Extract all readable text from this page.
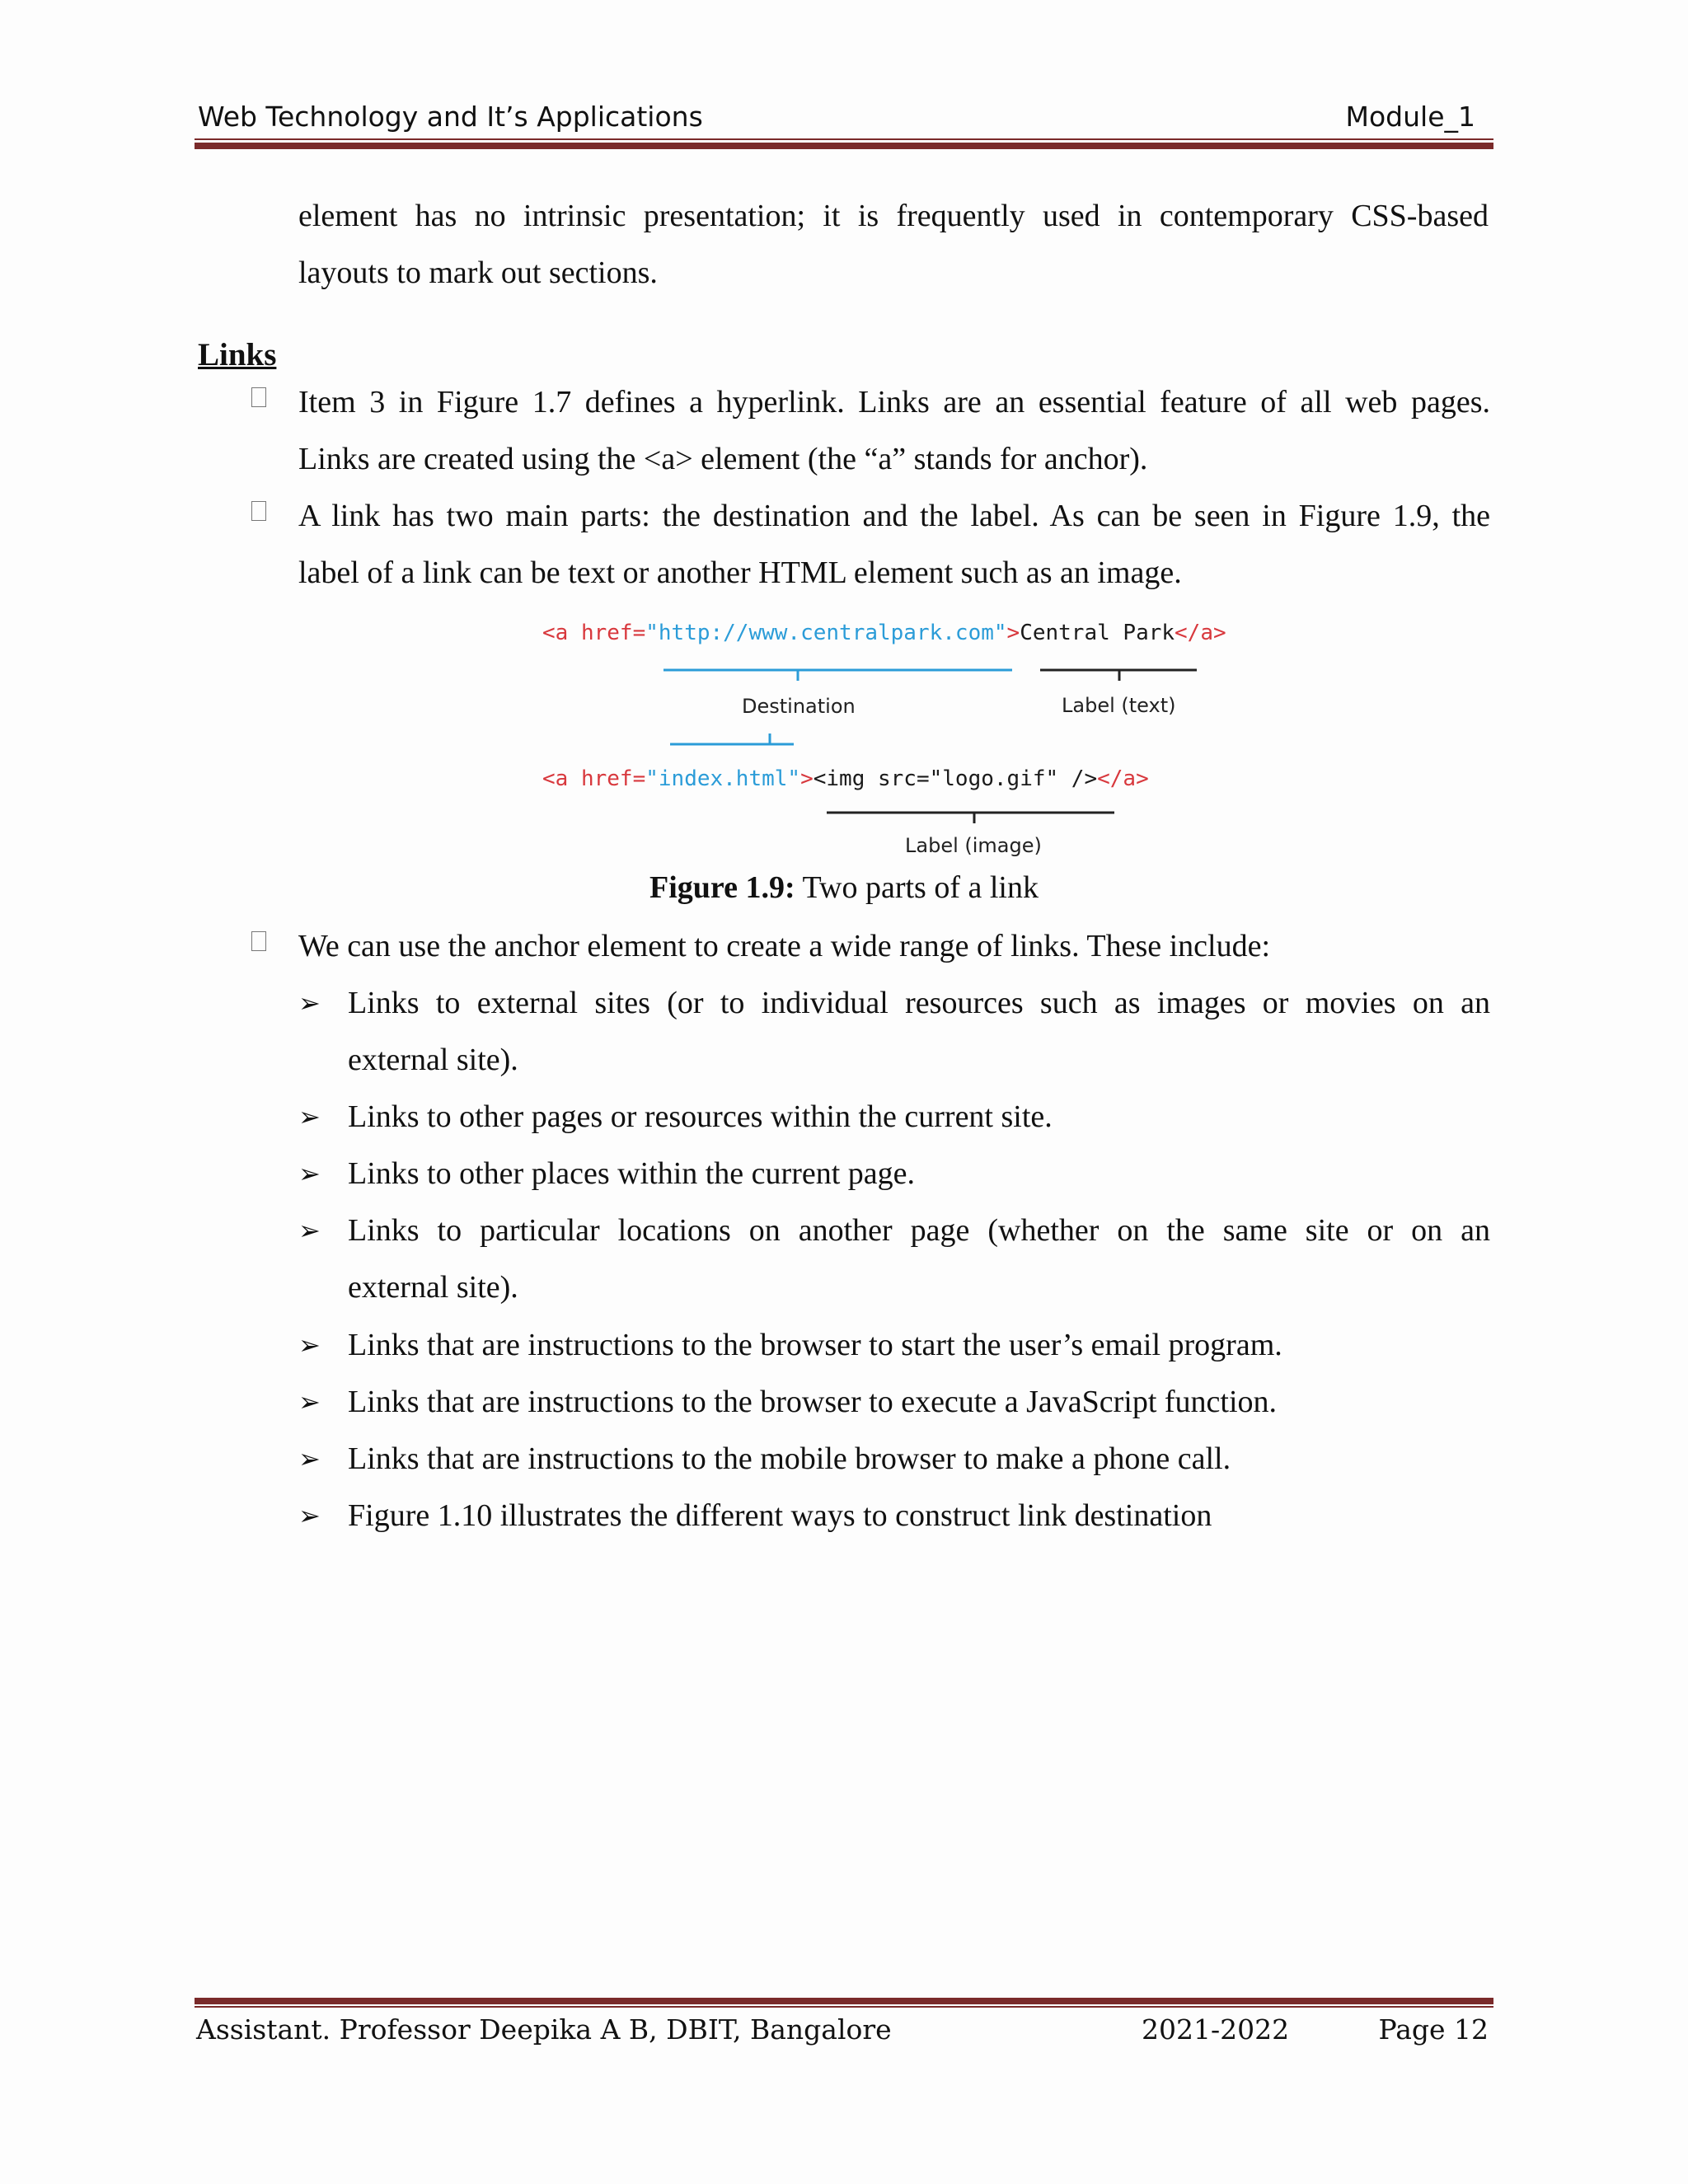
Web Technology and It’s Applications	Module_1
element has no intrinsic presentation; it is frequently used in contemporary CSS-based
layouts to mark out sections.
Links
Item 3 in Figure 1.7 defines a hyperlink. Links are an essential feature of all web pages.
Links are created using the <a> element (the “a” stands for anchor).
A link has two main parts: the destination and the label. As can be seen in Figure 1.9, the
label of a link can be text or another HTML element such as an image.
<a href="http://www.centralpark.com">Central Park</a>
Destination	Label (text)
<a href="index.html"><img src="logo.gif" /></a>
Label (image)
Figure 1.9: Two parts of a link
We can use the anchor element to create a wide range of links. These include:
➢ Links to external sites (or to individual resources such as images or movies on an
external site).
➢ Links to other pages or resources within the current site.
➢ Links to other places within the current page.
➢ Links to particular locations on another page (whether on the same site or on an
external site).
➢ Links that are instructions to the browser to start the user’s email program.
➢ Links that are instructions to the browser to execute a JavaScript function.
➢ Links that are instructions to the mobile browser to make a phone call.
➢ Figure 1.10 illustrates the different ways to construct link destination
Assistant. Professor Deepika A B, DBIT, Bangalore	2021-2022	Page 12
